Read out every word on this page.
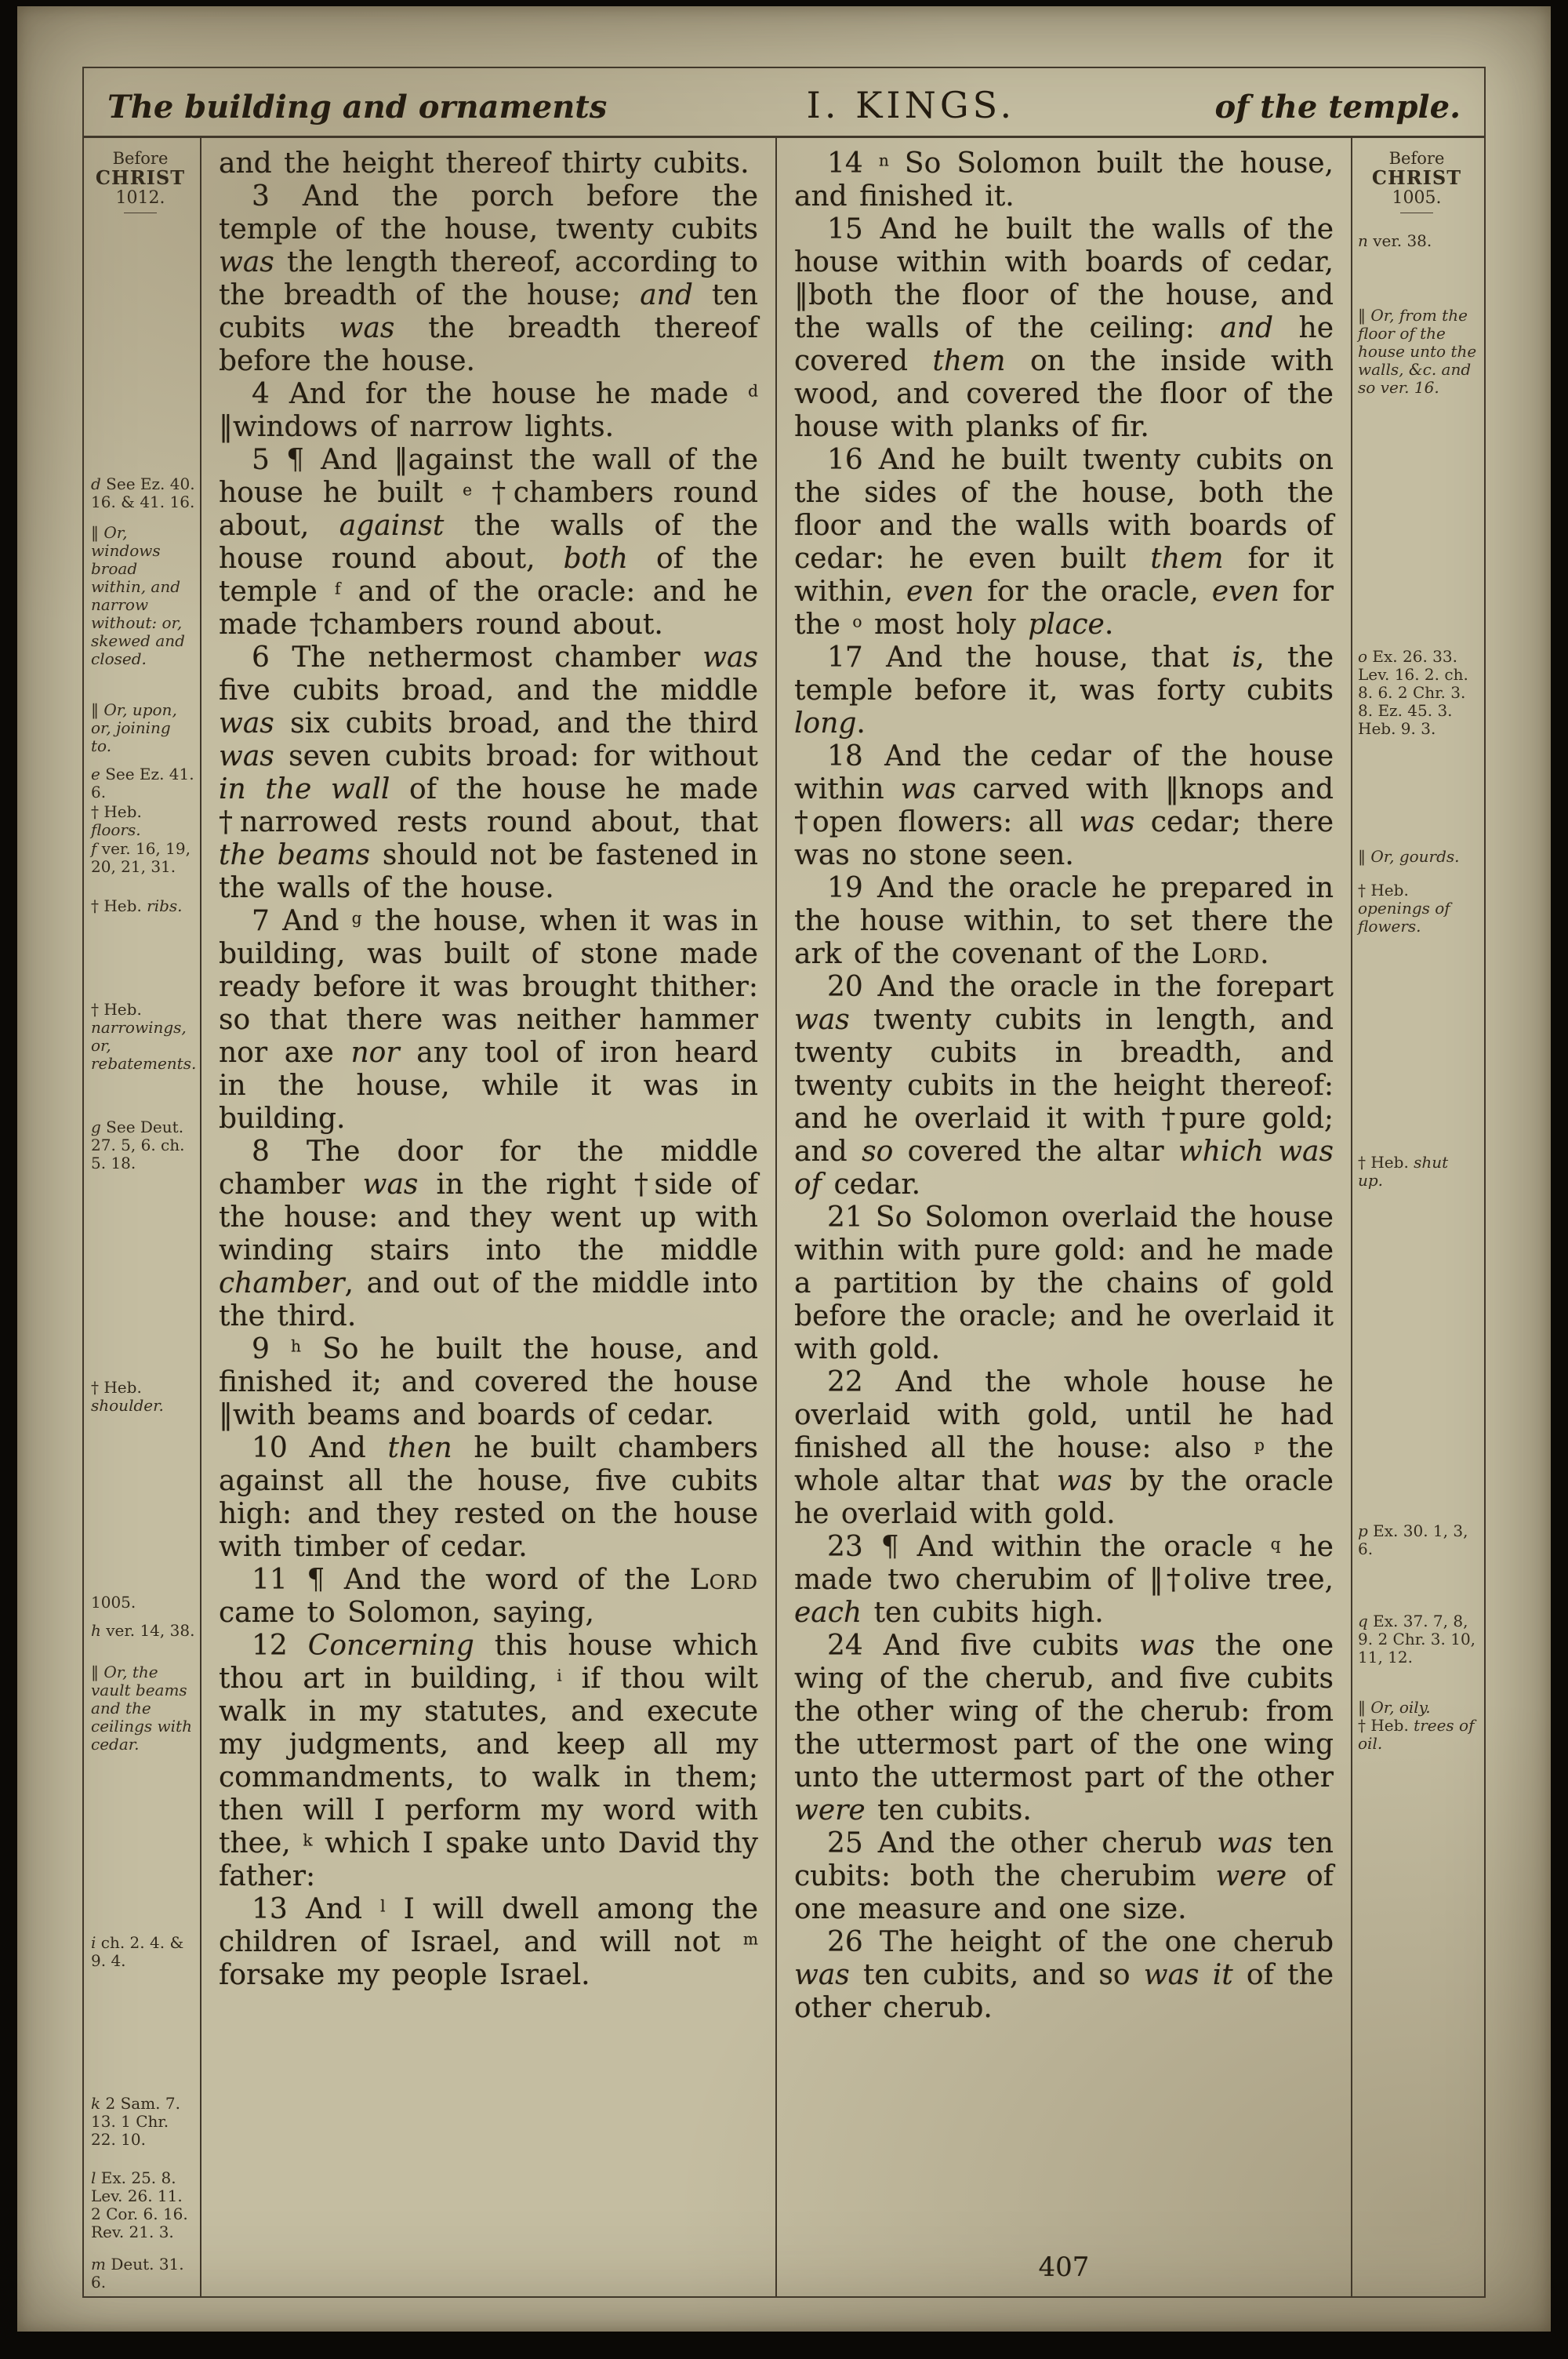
The building and ornaments	I. KINGS.	of the temple.
Before
CHRIST
1012.
d See Ez. 40. 16. & 41. 16.
‖ Or, windows broad within, and narrow without: or, skewed and closed.
‖ Or, upon, or, joining to.
e See Ez. 41. 6.
† Heb. floors.
f ver. 16, 19, 20, 21, 31.
† Heb. ribs.
† Heb. narrowings, or, rebatements.
g See Deut. 27. 5, 6. ch. 5. 18.
† Heb. shoulder.
1005.
h ver. 14, 38.
‖ Or, the vault beams and the ceilings with cedar.
i ch. 2. 4. & 9. 4.
k 2 Sam. 7. 13. 1 Chr. 22. 10.
l Ex. 25. 8. Lev. 26. 11. 2 Cor. 6. 16. Rev. 21. 3.
m Deut. 31. 6.

and the height thereof thirty cubits.

3 And the porch before the temple of the house, twenty cubits was the length thereof, according to the breadth of the house; and ten cubits was the breadth thereof before the house.

4 And for the house he made $^d$ ‖windows of narrow lights.

5 ¶ And ‖against the wall of the house he built $^e$ †chambers round about, against the walls of the house round about, both of the temple $^f$ and of the oracle: and he made †chambers round about.

6 The nethermost chamber was five cubits broad, and the middle was six cubits broad, and the third was seven cubits broad: for without in the wall of the house he made †narrowed rests round about, that the beams should not be fastened in the walls of the house.

7 And $^g$ the house, when it was in building, was built of stone made ready before it was brought thither: so that there was neither hammer nor axe nor any tool of iron heard in the house, while it was in building.

8 The door for the middle chamber was in the right †side of the house: and they went up with winding stairs into the middle chamber, and out of the middle into the third.

9 $^h$ So he built the house, and finished it; and covered the house ‖with beams and boards of cedar.

10 And then he built chambers against all the house, five cubits high: and they rested on the house with timber of cedar.

11 ¶ And the word of the Lord came to Solomon, saying,

12 Concerning this house which thou art in building, $^i$ if thou wilt walk in my statutes, and execute my judgments, and keep all my commandments, to walk in them; then will I perform my word with thee, $^k$ which I spake unto David thy father:

13 And $^l$ I will dwell among the children of Israel, and will not $^m$ forsake my people Israel.

14 $^n$ So Solomon built the house, and finished it.

15 And he built the walls of the house within with boards of cedar, ‖both the floor of the house, and the walls of the ceiling: and he covered them on the inside with wood, and covered the floor of the house with planks of fir.

16 And he built twenty cubits on the sides of the house, both the floor and the walls with boards of cedar: he even built them for it within, even for the oracle, even for the $^o$ most holy place.

17 And the house, that is, the temple before it, was forty cubits long.

18 And the cedar of the house within was carved with ‖knops and †open flowers: all was cedar; there was no stone seen.

19 And the oracle he prepared in the house within, to set there the ark of the covenant of the Lord.

20 And the oracle in the forepart was twenty cubits in length, and twenty cubits in breadth, and twenty cubits in the height thereof: and he overlaid it with †pure gold; and so covered the altar which was of cedar.

21 So Solomon overlaid the house within with pure gold: and he made a partition by the chains of gold before the oracle; and he overlaid it with gold.

22 And the whole house he overlaid with gold, until he had finished all the house: also $^p$ the whole altar that was by the oracle he overlaid with gold.

23 ¶ And within the oracle $^q$ he made two cherubim of ‖†olive tree, each ten cubits high.

24 And five cubits was the one wing of the cherub, and five cubits the other wing of the cherub: from the uttermost part of the one wing unto the uttermost part of the other were ten cubits.

25 And the other cherub was ten cubits: both the cherubim were of one measure and one size.

26 The height of the one cherub was ten cubits, and so was it of the other cherub.

407
Before
CHRIST
1005.
n ver. 38.
‖ Or, from the floor of the house unto the walls, &c. and so ver. 16.
o Ex. 26. 33. Lev. 16. 2. ch. 8. 6. 2 Chr. 3. 8. Ez. 45. 3. Heb. 9. 3.
‖ Or, gourds.
† Heb. openings of flowers.
† Heb. shut up.
p Ex. 30. 1, 3, 6.
q Ex. 37. 7, 8, 9. 2 Chr. 3. 10, 11, 12.
‖ Or, oily.
† Heb. trees of oil.
